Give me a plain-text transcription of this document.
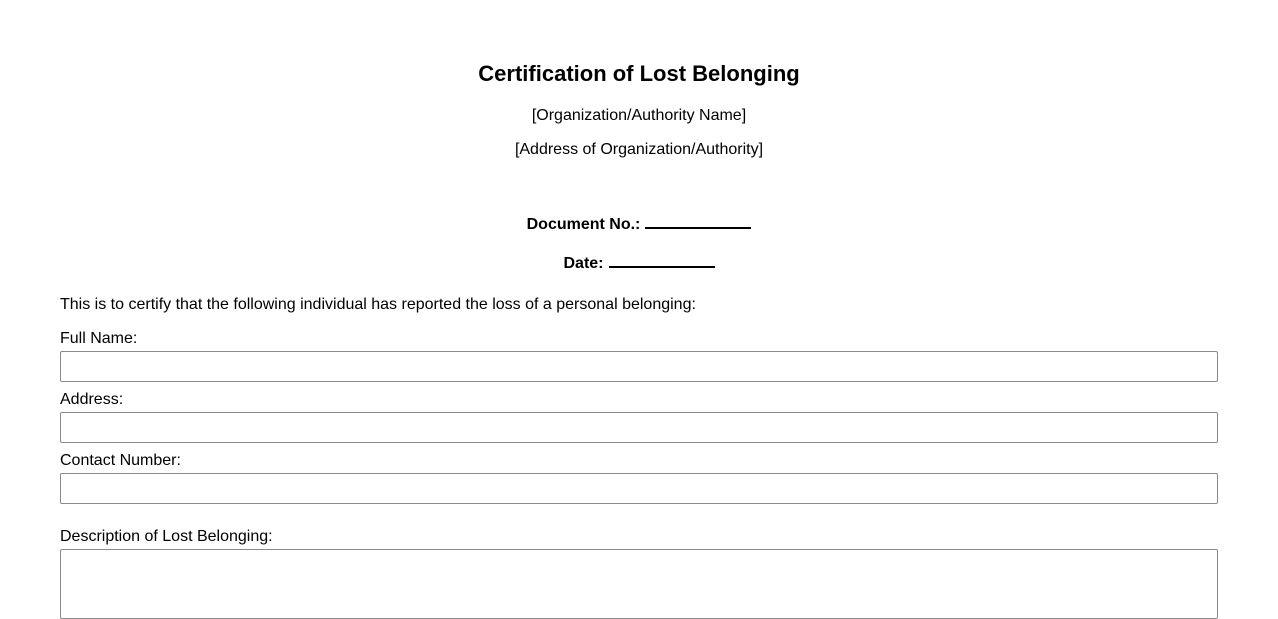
Certification of Lost Belonging
[Organization/Authority Name]
[Address of Organization/Authority]
Document No.:
Date:
This is to certify that the following individual has reported the loss of a personal belonging:
Full Name:
Address:
Contact Number:
Description of Lost Belonging:
